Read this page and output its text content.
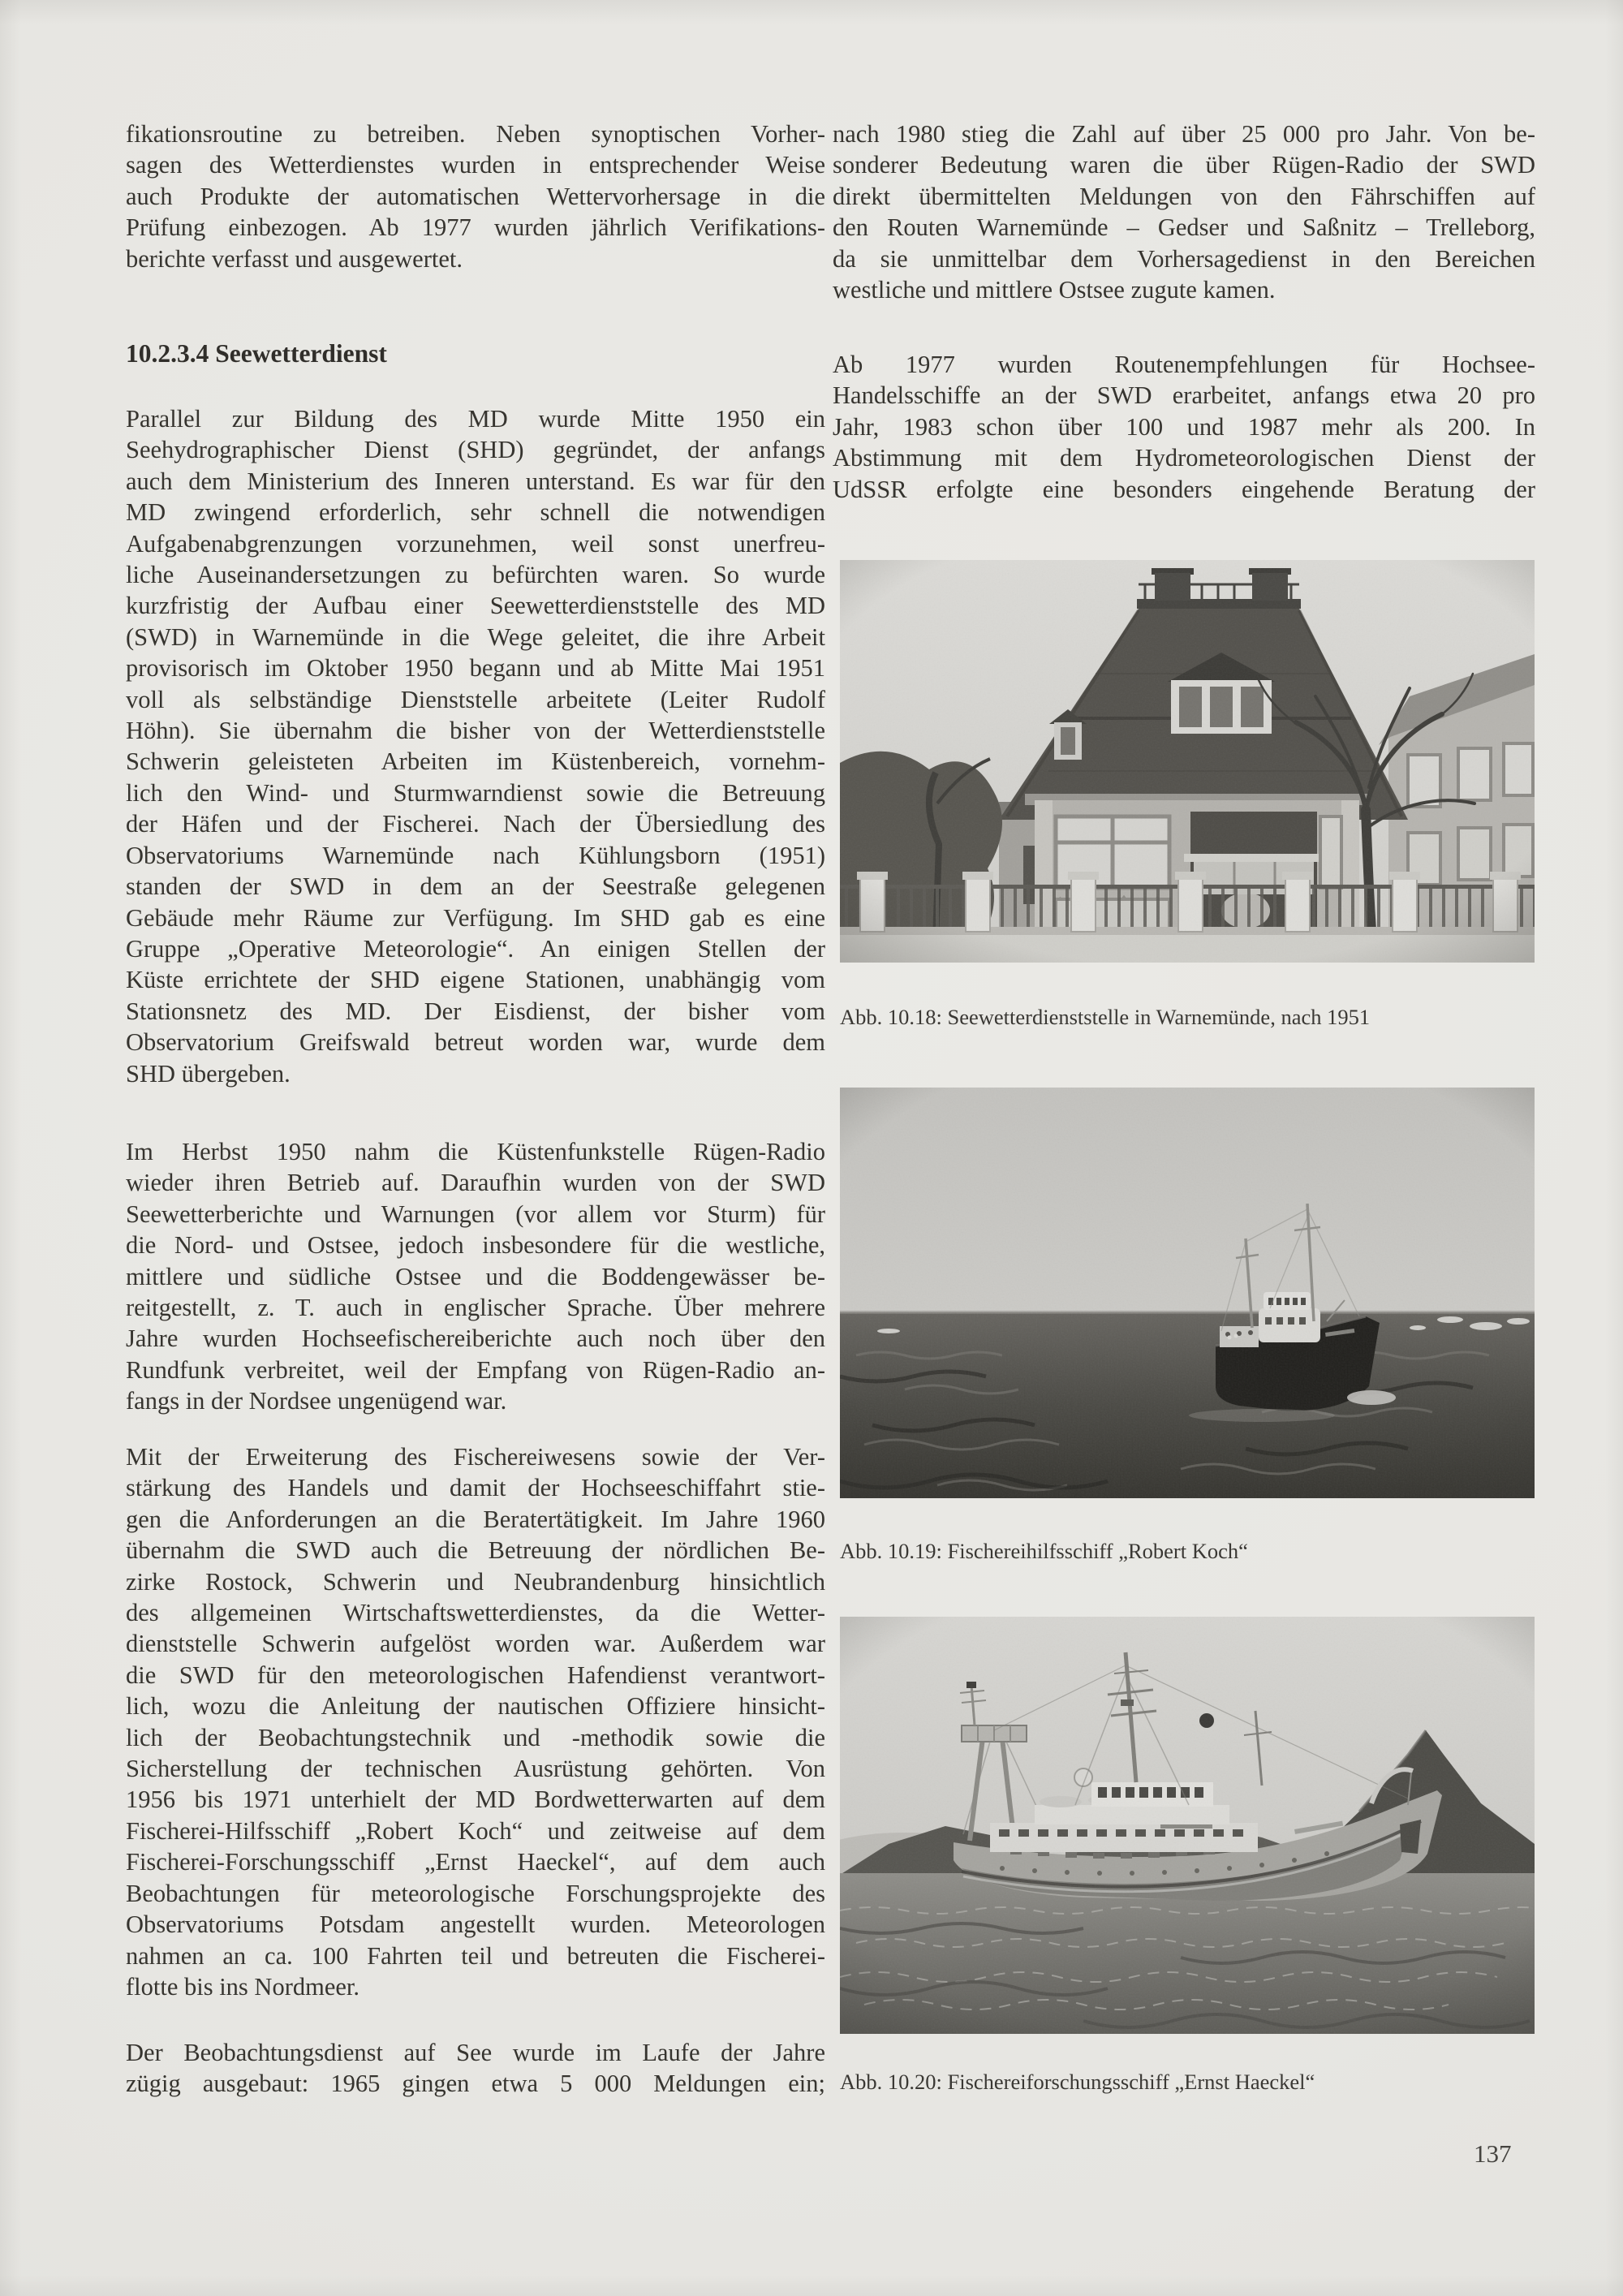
fikationsroutine zu betreiben. Neben synoptischen Vorher-
sagen des Wetterdienstes wurden in entsprechender Weise
auch Produkte der automatischen Wettervorhersage in die
Prüfung einbezogen. Ab 1977 wurden jährlich Verifikations-
berichte verfasst und ausgewertet.
10.2.3.4 Seewetterdienst
Parallel zur Bildung des MD wurde Mitte 1950 ein
Seehydrographischer Dienst (SHD) gegründet, der anfangs
auch dem Ministerium des Inneren unterstand. Es war für den
MD zwingend erforderlich, sehr schnell die notwendigen
Aufgabenabgrenzungen vorzunehmen, weil sonst unerfreu-
liche Auseinandersetzungen zu befürchten waren. So wurde
kurzfristig der Aufbau einer Seewetterdienststelle des MD
(SWD) in Warnemünde in die Wege geleitet, die ihre Arbeit
provisorisch im Oktober 1950 begann und ab Mitte Mai 1951
voll als selbständige Dienststelle arbeitete (Leiter Rudolf
Höhn). Sie übernahm die bisher von der Wetterdienststelle
Schwerin geleisteten Arbeiten im Küstenbereich, vornehm-
lich den Wind- und Sturmwarndienst sowie die Betreuung
der Häfen und der Fischerei. Nach der Übersiedlung des
Observatoriums Warnemünde nach Kühlungsborn (1951)
standen der SWD in dem an der Seestraße gelegenen
Gebäude mehr Räume zur Verfügung. Im SHD gab es eine
Gruppe „Operative Meteorologie“. An einigen Stellen der
Küste errichtete der SHD eigene Stationen, unabhängig vom
Stationsnetz des MD. Der Eisdienst, der bisher vom
Observatorium Greifswald betreut worden war, wurde dem
SHD übergeben.
Im Herbst 1950 nahm die Küstenfunkstelle Rügen-Radio
wieder ihren Betrieb auf. Daraufhin wurden von der SWD
Seewetterberichte und Warnungen (vor allem vor Sturm) für
die Nord- und Ostsee, jedoch insbesondere für die westliche,
mittlere und südliche Ostsee und die Boddengewässer be-
reitgestellt, z. T. auch in englischer Sprache. Über mehrere
Jahre wurden Hochseefischereiberichte auch noch über den
Rundfunk verbreitet, weil der Empfang von Rügen-Radio an-
fangs in der Nordsee ungenügend war.
Mit der Erweiterung des Fischereiwesens sowie der Ver-
stärkung des Handels und damit der Hochseeschiffahrt stie-
gen die Anforderungen an die Beratertätigkeit. Im Jahre 1960
übernahm die SWD auch die Betreuung der nördlichen Be-
zirke Rostock, Schwerin und Neubrandenburg hinsichtlich
des allgemeinen Wirtschaftswetterdienstes, da die Wetter-
dienststelle Schwerin aufgelöst worden war. Außerdem war
die SWD für den meteorologischen Hafendienst verantwort-
lich, wozu die Anleitung der nautischen Offiziere hinsicht-
lich der Beobachtungstechnik und -methodik sowie die
Sicherstellung der technischen Ausrüstung gehörten. Von
1956 bis 1971 unterhielt der MD Bordwetterwarten auf dem
Fischerei-Hilfsschiff „Robert Koch“ und zeitweise auf dem
Fischerei-Forschungsschiff „Ernst Haeckel“, auf dem auch
Beobachtungen für meteorologische Forschungsprojekte des
Observatoriums Potsdam angestellt wurden. Meteorologen
nahmen an ca. 100 Fahrten teil und betreuten die Fischerei-
flotte bis ins Nordmeer.
Der Beobachtungsdienst auf See wurde im Laufe der Jahre
zügig ausgebaut: 1965 gingen etwa 5 000 Meldungen ein;
nach 1980 stieg die Zahl auf über 25 000 pro Jahr. Von be-
sonderer Bedeutung waren die über Rügen-Radio der SWD
direkt übermittelten Meldungen von den Fährschiffen auf
den Routen Warnemünde – Gedser und Saßnitz – Trelleborg,
da sie unmittelbar dem Vorhersagedienst in den Bereichen
westliche und mittlere Ostsee zugute kamen.
Ab 1977 wurden Routenempfehlungen für Hochsee-
Handelsschiffe an der SWD erarbeitet, anfangs etwa 20 pro
Jahr, 1983 schon über 100 und 1987 mehr als 200. In
Abstimmung mit dem Hydrometeorologischen Dienst der
UdSSR erfolgte eine besonders eingehende Beratung der
Abb. 10.18: Seewetterdienststelle in Warnemünde, nach 1951
Abb. 10.19: Fischereihilfsschiff „Robert Koch“
Abb. 10.20: Fischereiforschungsschiff „Ernst Haeckel“
137
